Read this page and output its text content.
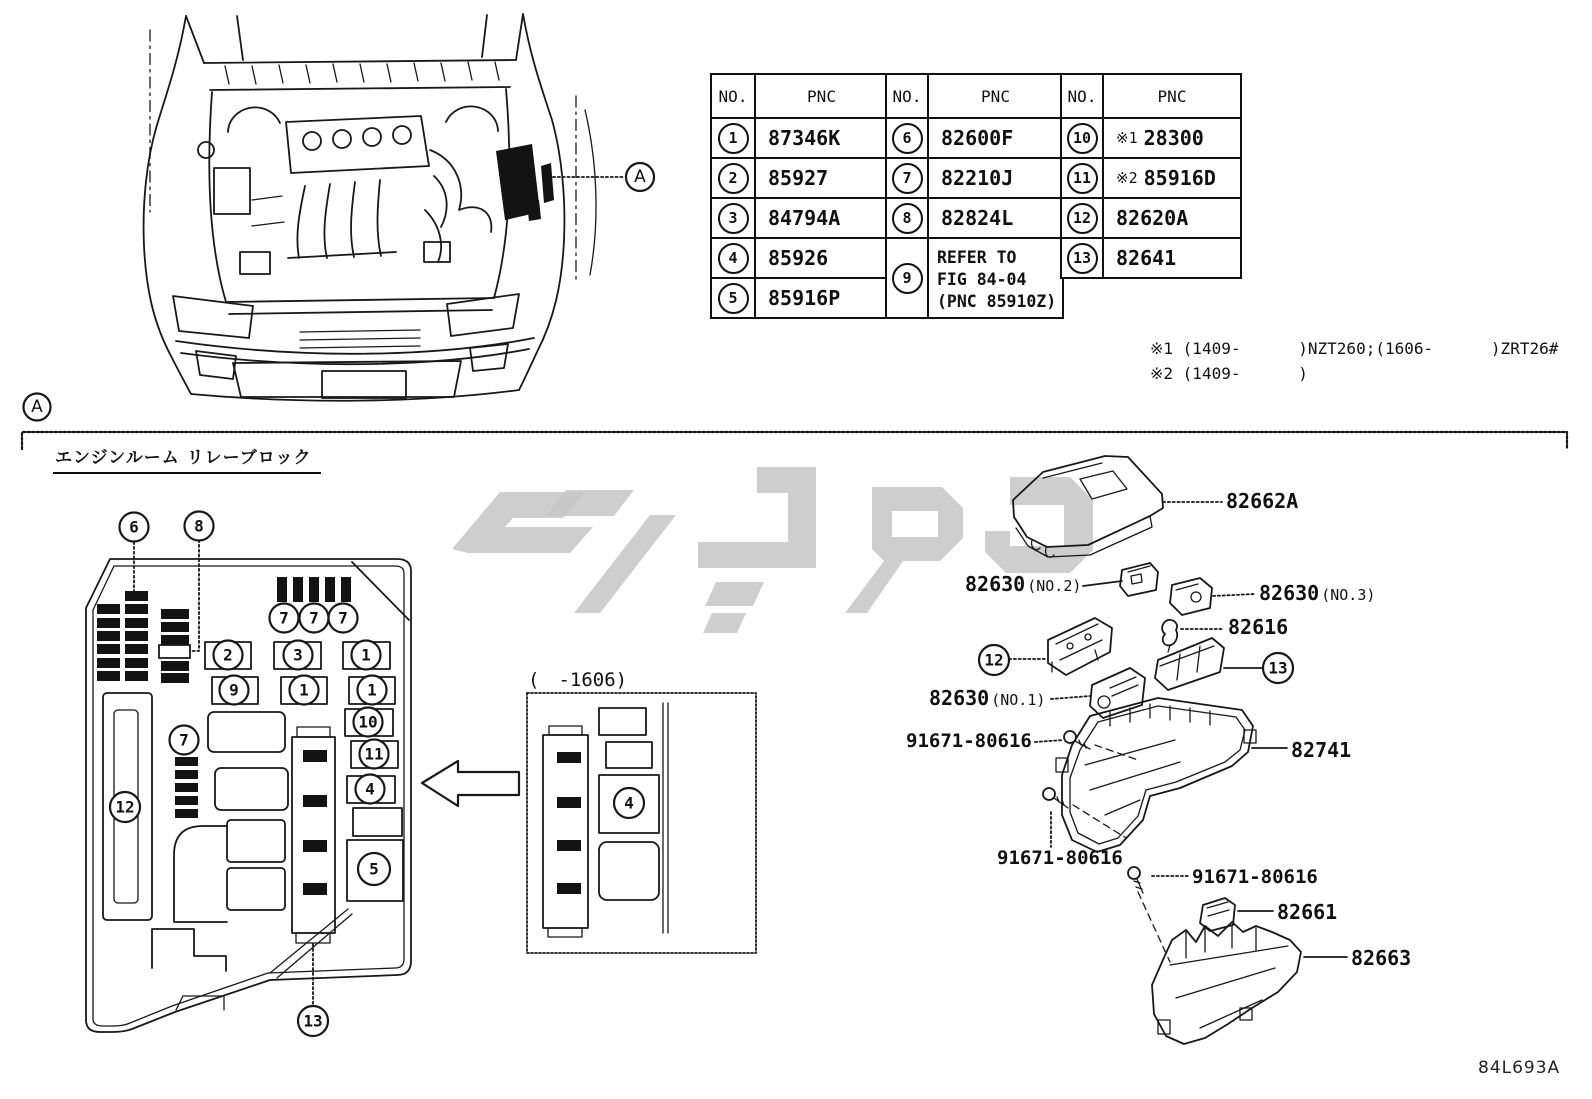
A
A
6	8
7 7 7
2	3	1
9	1	1
10
11
4
5
7
12
13
4
12	13
NO.	PNC
1	87346K
2	85927
3	84794A
4	85926
5	85916P
NO.	PNC
6	82600F
7	82210J
8	82824L
9
REFER TO
FIG 84-04
(PNC 85910Z)
NO.	PNC
10	※1 28300
11	※2 85916D
12	82620A
13	82641
※1 (1409-      )NZT260;(1606-      )ZRT26#
※2 (1409-      )
エンジンルーム リレーブロック
(　-1606)
82662A
82630 (NO.2)	82630 (NO.3)
82616
82630 (NO.1)
91671-80616	82741
91671-80616
91671-80616
82661
82663
84L693A
